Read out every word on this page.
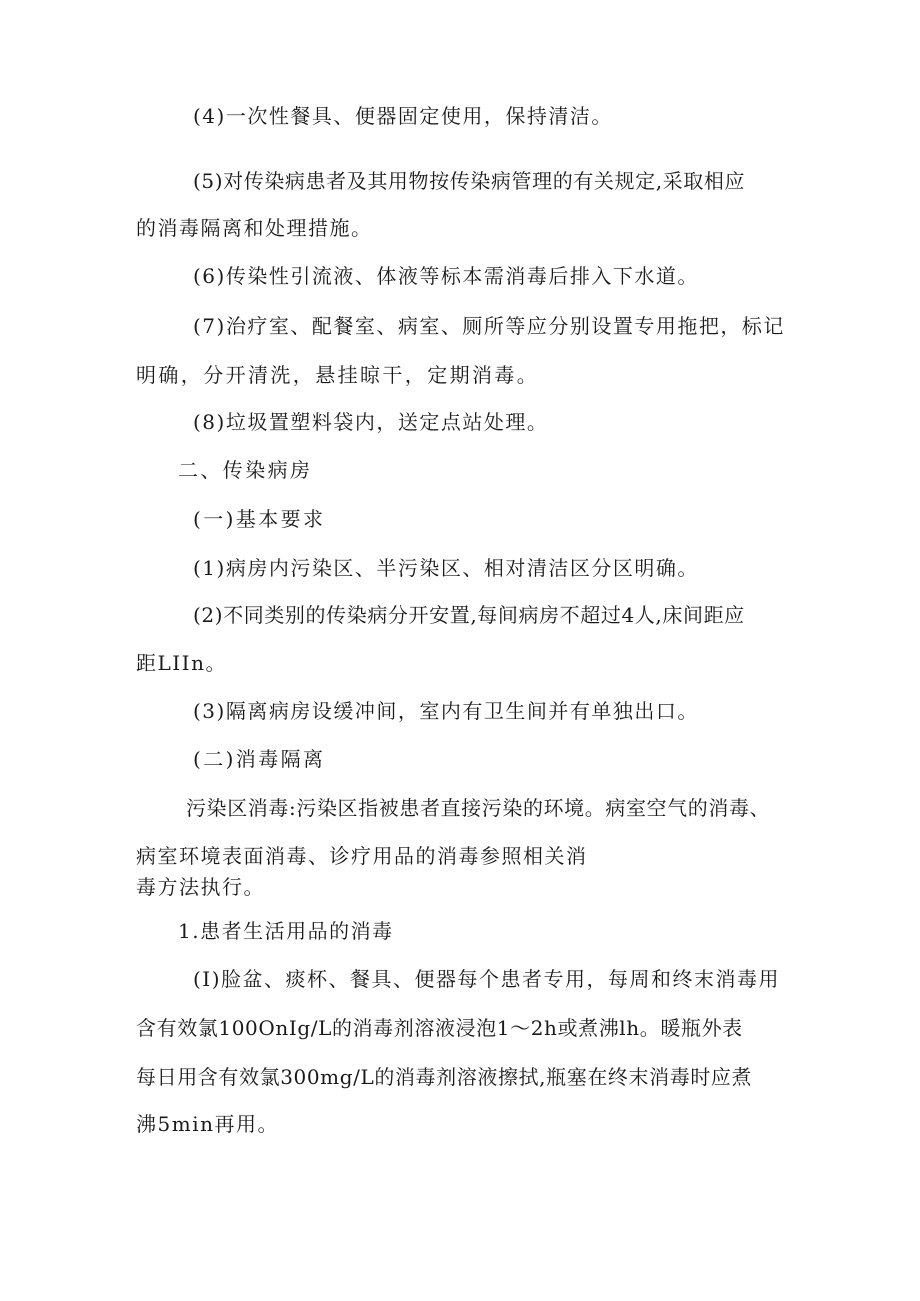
(4)一次性餐具、便器固定使用，保持清洁。
(5)对传染病患者及其用物按传染病管理的有关规定,采取相应
的消毒隔离和处理措施。
(6)传染性引流液、体液等标本需消毒后排入下水道。
(7)治疗室、配餐室、病室、厕所等应分别设置专用拖把，标记
明确，分开清洗，悬挂晾干，定期消毒。
(8)垃圾置塑料袋内，送定点站处理。
二、传染病房
(一)基本要求
(1)病房内污染区、半污染区、相对清洁区分区明确。
(2)不同类别的传染病分开安置,每间病房不超过4人,床间距应
距LIIn。
(3)隔离病房设缓冲间，室内有卫生间并有单独出口。
(二)消毒隔离
污染区消毒:污染区指被患者直接污染的环境。病室空气的消毒、
病室环境表面消毒、诊疗用品的消毒参照相关消
毒方法执行。
1.患者生活用品的消毒
(I)脸盆、痰杯、餐具、便器每个患者专用，每周和终末消毒用
含有效氯100OnIg/L的消毒剂溶液浸泡1～2h或煮沸lh。暖瓶外表
每日用含有效氯300mg/L的消毒剂溶液擦拭,瓶塞在终末消毒时应煮
沸5min再用。
